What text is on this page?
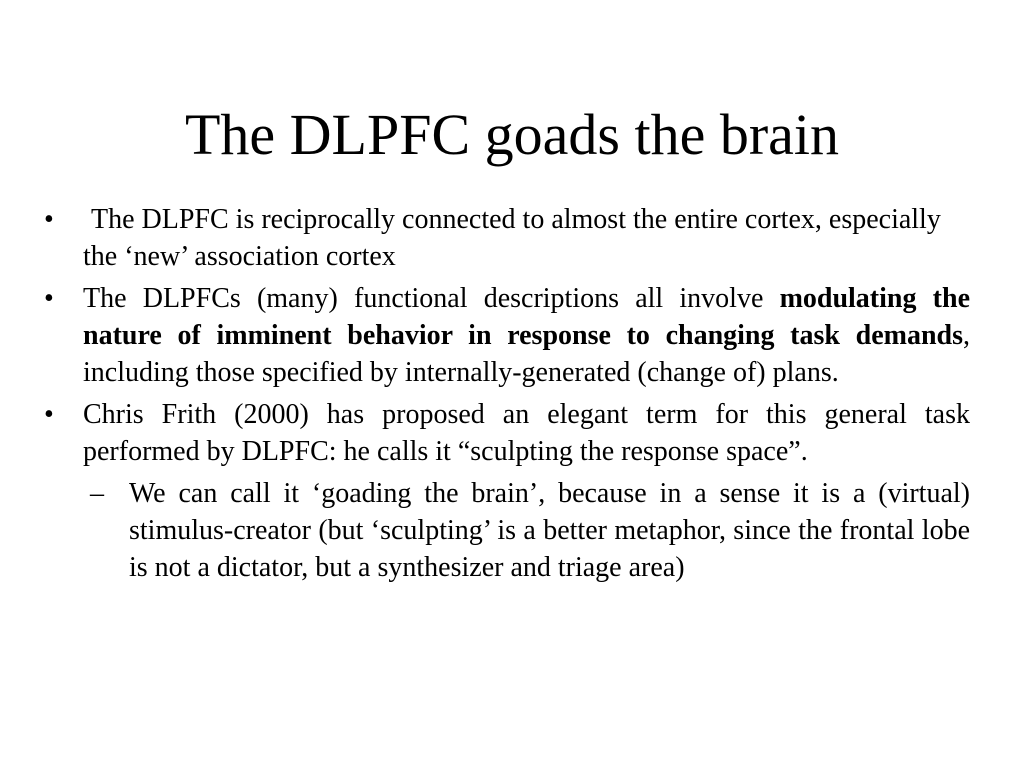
The DLPFC goads the brain
•	The DLPFC is reciprocally connected to almost the entire cortex, especially the ‘new’ association cortex
•	The DLPFCs (many) functional descriptions all involve modulating the nature of imminent behavior in response to changing task demands, including those specified by internally-generated (change of) plans.
•	Chris Frith (2000) has proposed an elegant term for this general task performed by DLPFC: he calls it “sculpting the response space”.
– We can call it ‘goading the brain’, because in a sense it is a (virtual) stimulus-creator (but ‘sculpting’ is a better metaphor, since the frontal lobe is not a dictator, but a synthesizer and triage area)
